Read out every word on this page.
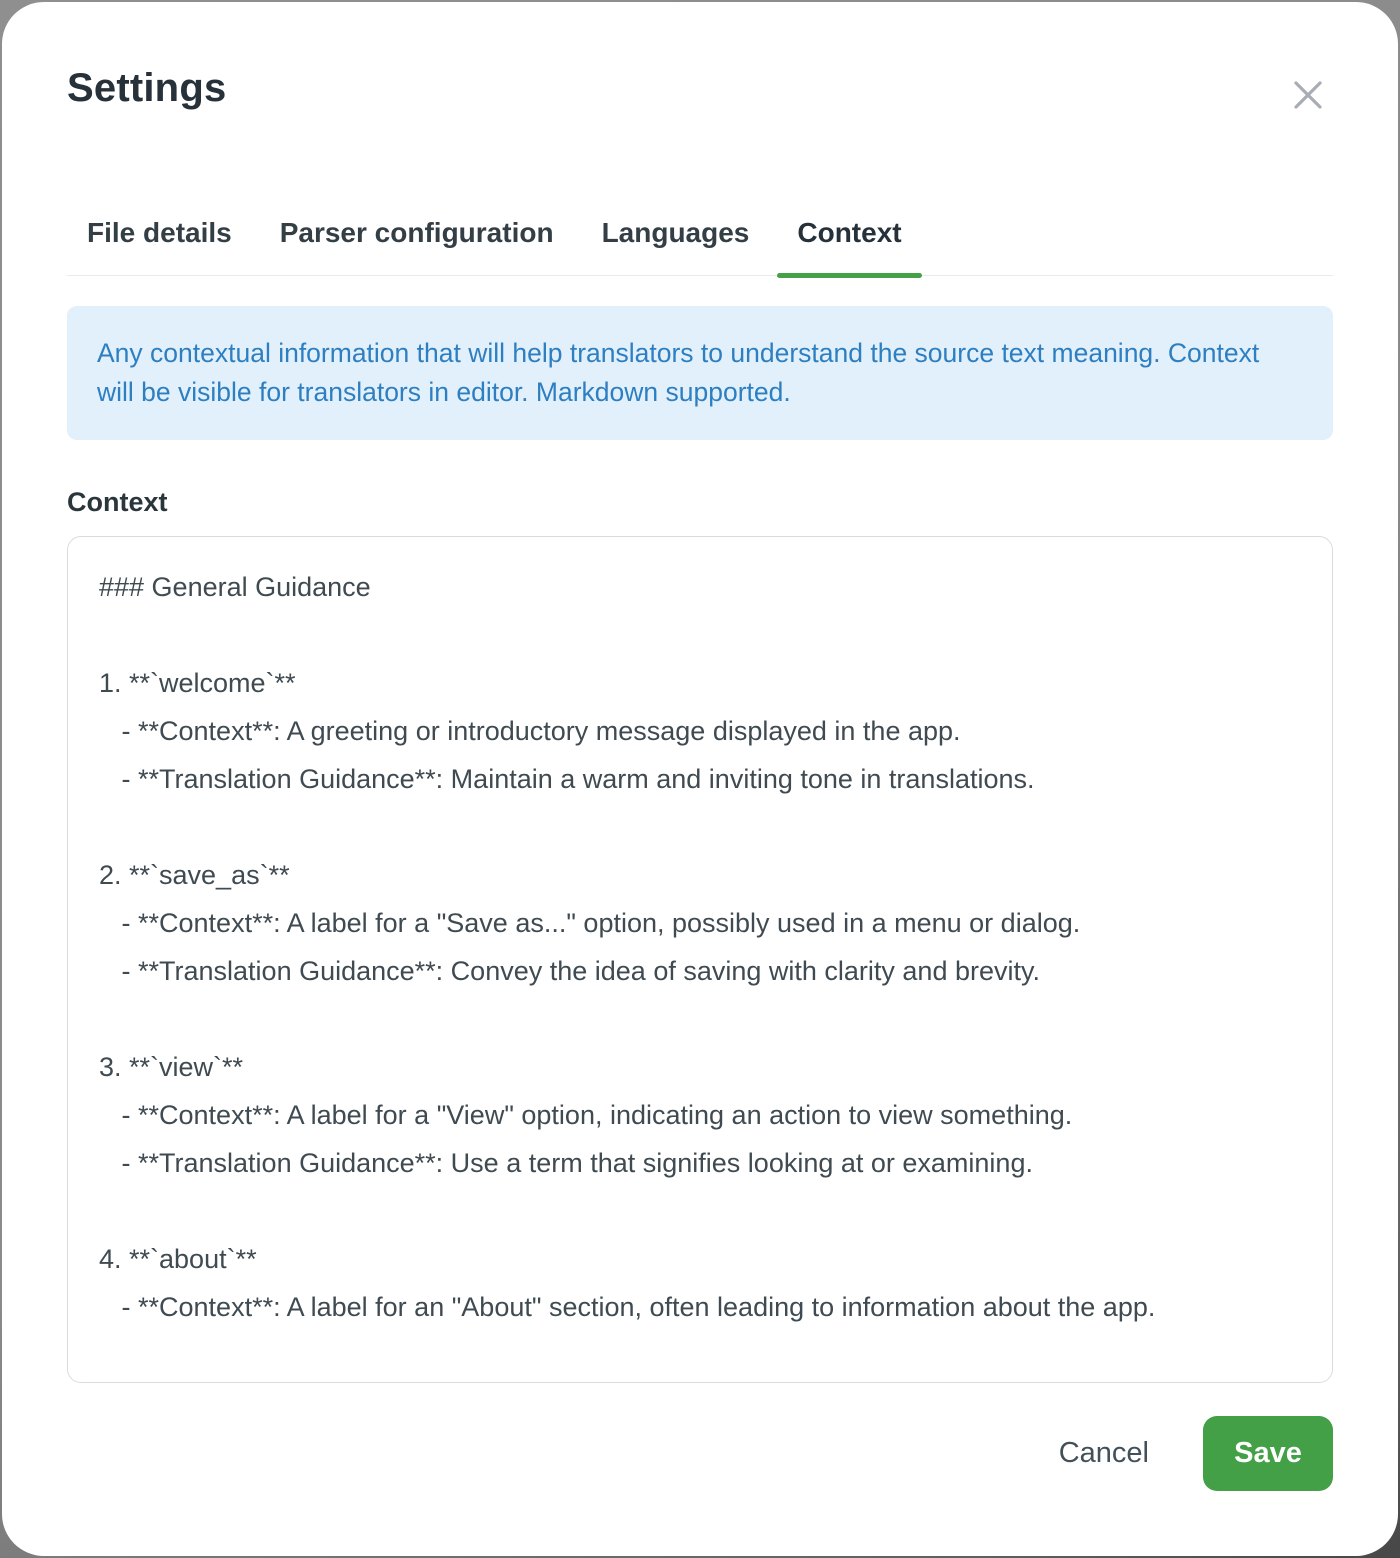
Settings
File details	Parser configuration	Languages	Context
Any contextual information that will help translators to understand the source text meaning. Context will be visible for translators in editor. Markdown supported.
Context
### General Guidance 1. **`welcome`** - **Context**: A greeting or introductory message displayed in the app. - **Translation Guidance**: Maintain a warm and inviting tone in translations. 2. **`save_as`** - **Context**: A label for a "Save as..." option, possibly used in a menu or dialog. - **Translation Guidance**: Convey the idea of saving with clarity and brevity. 3. **`view`** - **Context**: A label for a "View" option, indicating an action to view something. - **Translation Guidance**: Use a term that signifies looking at or examining. 4. **`about`** - **Context**: A label for an "About" section, often leading to information about the app.
Cancel	Save
